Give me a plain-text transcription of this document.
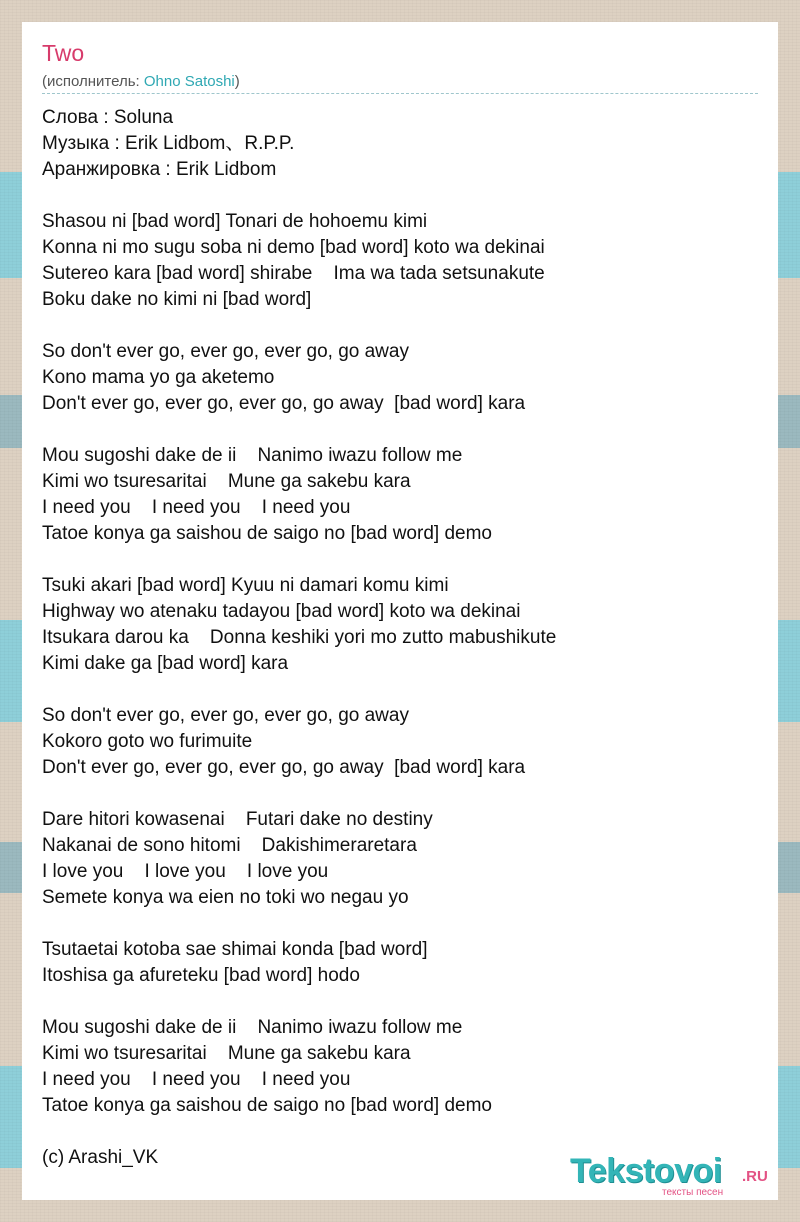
Two
(исполнитель: Ohno Satoshi)
Слова : Soluna
Музыка : Erik Lidbom、R.P.P.
Аранжировка : Erik Lidbom
Shasou ni [bad word] Tonari de hohoemu kimi
Konna ni mo sugu soba ni demo [bad word] koto wa dekinai
Sutereo kara [bad word] shirabe    Ima wa tada setsunakute
Boku dake no kimi ni [bad word]
So don't ever go, ever go, ever go, go away
Kono mama yo ga aketemo
Don't ever go, ever go, ever go, go away  [bad word] kara
Mou sugoshi dake de ii    Nanimo iwazu follow me
Kimi wo tsuresaritai    Mune ga sakebu kara
I need you    I need you    I need you
Tatoe konya ga saishou de saigo no [bad word] demo
Tsuki akari [bad word] Kyuu ni damari komu kimi
Highway wo atenaku tadayou [bad word] koto wa dekinai
Itsukara darou ka    Donna keshiki yori mo zutto mabushikute
Kimi dake ga [bad word] kara
So don't ever go, ever go, ever go, go away
Kokoro goto wo furimuite
Don't ever go, ever go, ever go, go away  [bad word] kara
Dare hitori kowasenai    Futari dake no destiny
Nakanai de sono hitomi    Dakishimeraretara
I love you    I love you    I love you
Semete konya wa eien no toki wo negau yo
Tsutaetai kotoba sae shimai konda [bad word]
Itoshisa ga afureteku [bad word] hodo
Mou sugoshi dake de ii    Nanimo iwazu follow me
Kimi wo tsuresaritai    Mune ga sakebu kara
I need you    I need you    I need you
Tatoe konya ga saishou de saigo no [bad word] demo
(c) Arashi_VK	Tekstovoi .RU
тексты песен
